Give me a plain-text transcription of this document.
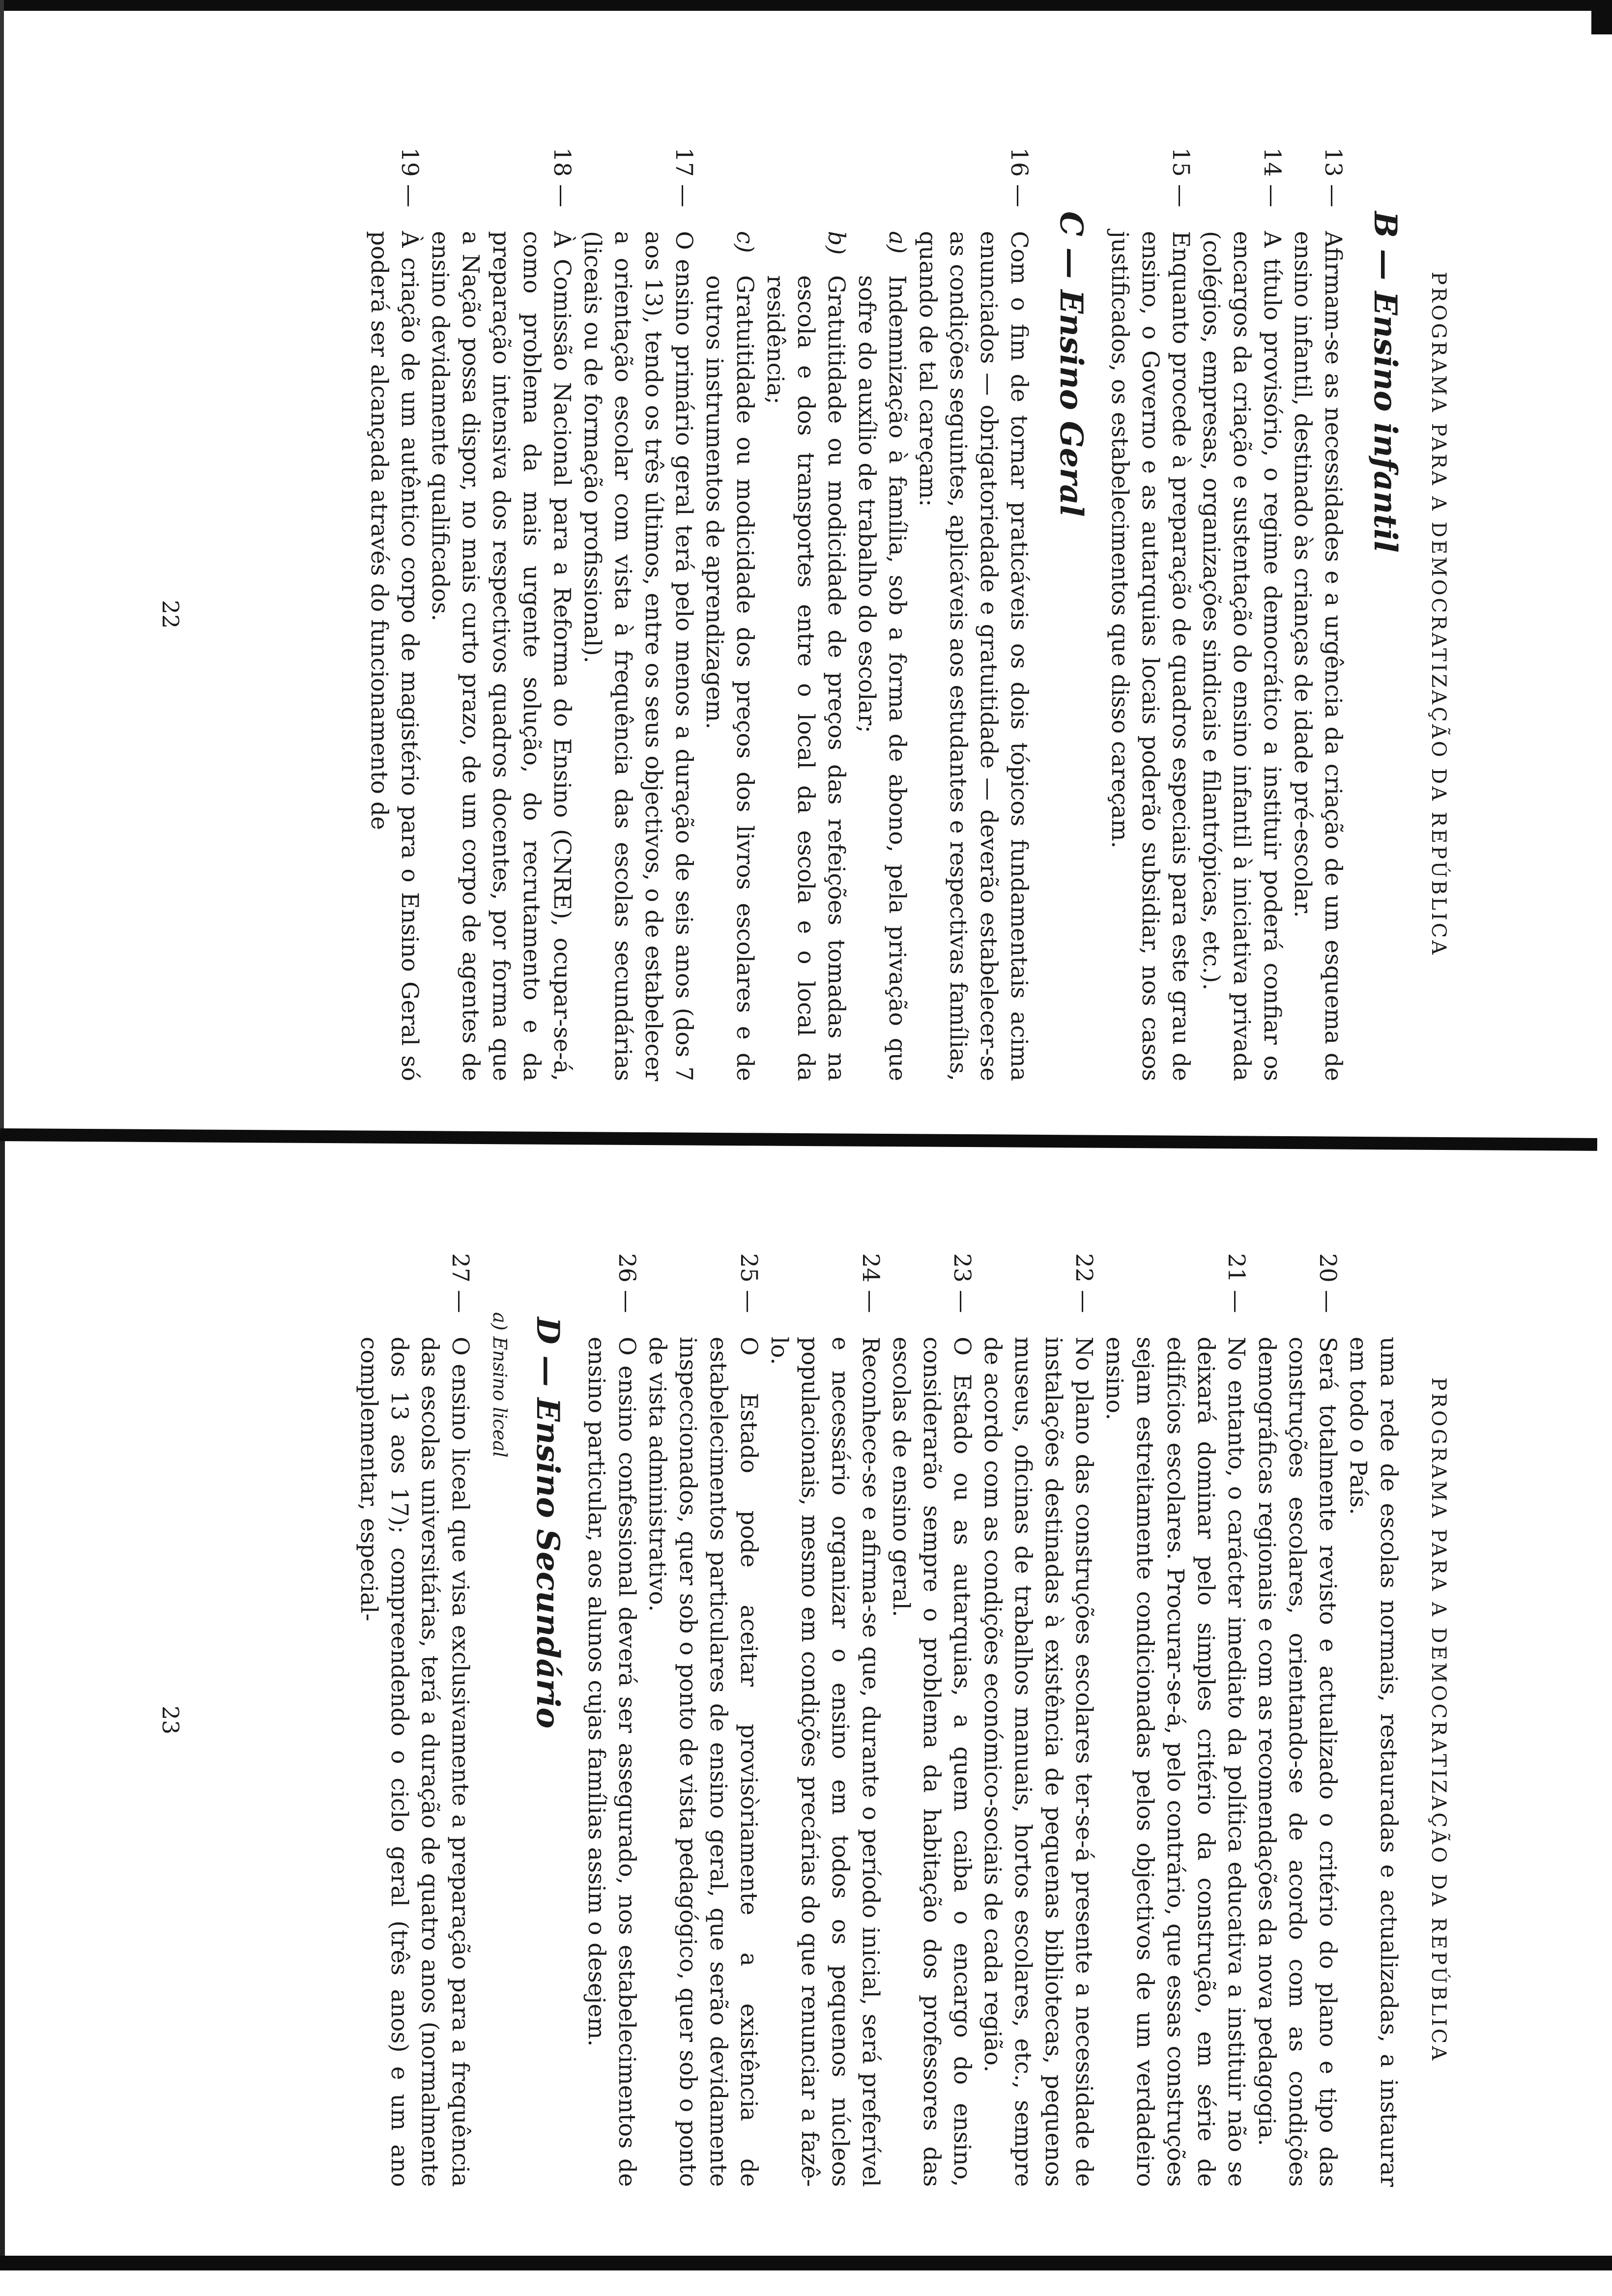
PROGRAMA PARA A DEMOCRATIZAÇÃO DA REPÚBLICA
B — Ensino infantil
13 —
Afirmam-se as necessidades e a urgência da criação de um esquema de ensino infantil, destinado às crianças de idade pré-escolar.
14 —
A título provisório, o regime democrático a instituir poderá confiar os encargos da criação e sustentação do ensino infantil à iniciativa privada (colégios, empresas, organizações sindicais e filantrópicas, etc.).
15 —
Enquanto procede à preparação de quadros especiais para este grau de ensino, o Governo e as autarquias locais poderão subsidiar, nos casos justificados, os estabelecimentos que disso careçam.
C — Ensino Geral
16 —
Com o fim de tornar praticáveis os dois tópicos fundamentais acima enunciados — obrigatoriedade e gratuitidade — deverão estabelecer-se as condições seguintes, aplicáveis aos estudantes e respectivas famílias, quando de tal careçam:
a)
Indemnização à família, sob a forma de abono, pela privação que sofre do auxílio de trabalho do escolar;
b)
Gratuitidade ou modicidade de preços das refeições tomadas na escola e dos transportes entre o local da escola e o local da residência;
c)
Gratuitidade ou modicidade dos preços dos livros escolares e de outros instrumentos de aprendizagem.
17 —
O ensino primário geral terá pelo menos a duração de seis anos (dos 7 aos 13), tendo os três últimos, entre os seus objectivos, o de estabelecer a orientação escolar com vista à frequência das escolas secundárias (liceais ou de formação profissional).
18 —
À Comissão Nacional para a Reforma do Ensino (CNRE), ocupar-se-á, como problema da mais urgente solução, do recrutamento e da preparação intensiva dos respectivos quadros docentes, por forma que a Nação possa dispor, no mais curto prazo, de um corpo de agentes de ensino devidamente qualificados.
19 —
À criação de um autêntico corpo de magistério para o Ensino Geral só poderá ser alcançada através do funcionamento de
22
PROGRAMA PARA A DEMOCRATIZAÇÃO DA REPÚBLICA
uma rede de escolas normais, restauradas e actualizadas, a instaurar em todo o País.
20 —
Será totalmente revisto e actualizado o critério do plano e tipo das construções escolares, orientando-se de acordo com as condições demográficas regionais e com as recomendações da nova pedagogia.
21 —
No entanto, o carácter imediato da política educativa a instituir não se deixará dominar pelo simples critério da construção, em série de edifícios escolares. Procurar-se-á, pelo contrário, que essas construções sejam estreitamente condicionadas pelos objectivos de um verdadeiro ensino.
22 —
No plano das construções escolares ter-se-á presente a necessidade de instalações destinadas à existência de pequenas bibliotecas, pequenos museus, oficinas de trabalhos manuais, hortos escolares, etc., sempre de acordo com as condições económico-sociais de cada região.
23 —
O Estado ou as autarquias, a quem caiba o encargo do ensino, considerarão sempre o problema da habitação dos professores das escolas de ensino geral.
24 —
Reconhece-se e afirma-se que, durante o período inicial, será preferível e necessário organizar o ensino em todos os pequenos núcleos populacionais, mesmo em condições precárias do que renunciar a fazê-lo.
25 —
O Estado pode aceitar provisòriamente a existência de estabelecimentos particulares de ensino geral, que serão devidamente inspeccionados, quer sob o ponto de vista pedagógico, quer sob o ponto de vista administrativo.
26 —
O ensino confessional deverá ser assegurado, nos estabelecimentos de ensino particular, aos alunos cujas famílias assim o desejem.
D — Ensino Secundário
a) Ensino liceal
27 —
O ensino liceal que visa exclusivamente a preparação para a frequência das escolas universitárias, terá a duração de quatro anos (normalmente dos 13 aos 17); compreendendo o ciclo geral (três anos) e um ano complementar, especial-
23
